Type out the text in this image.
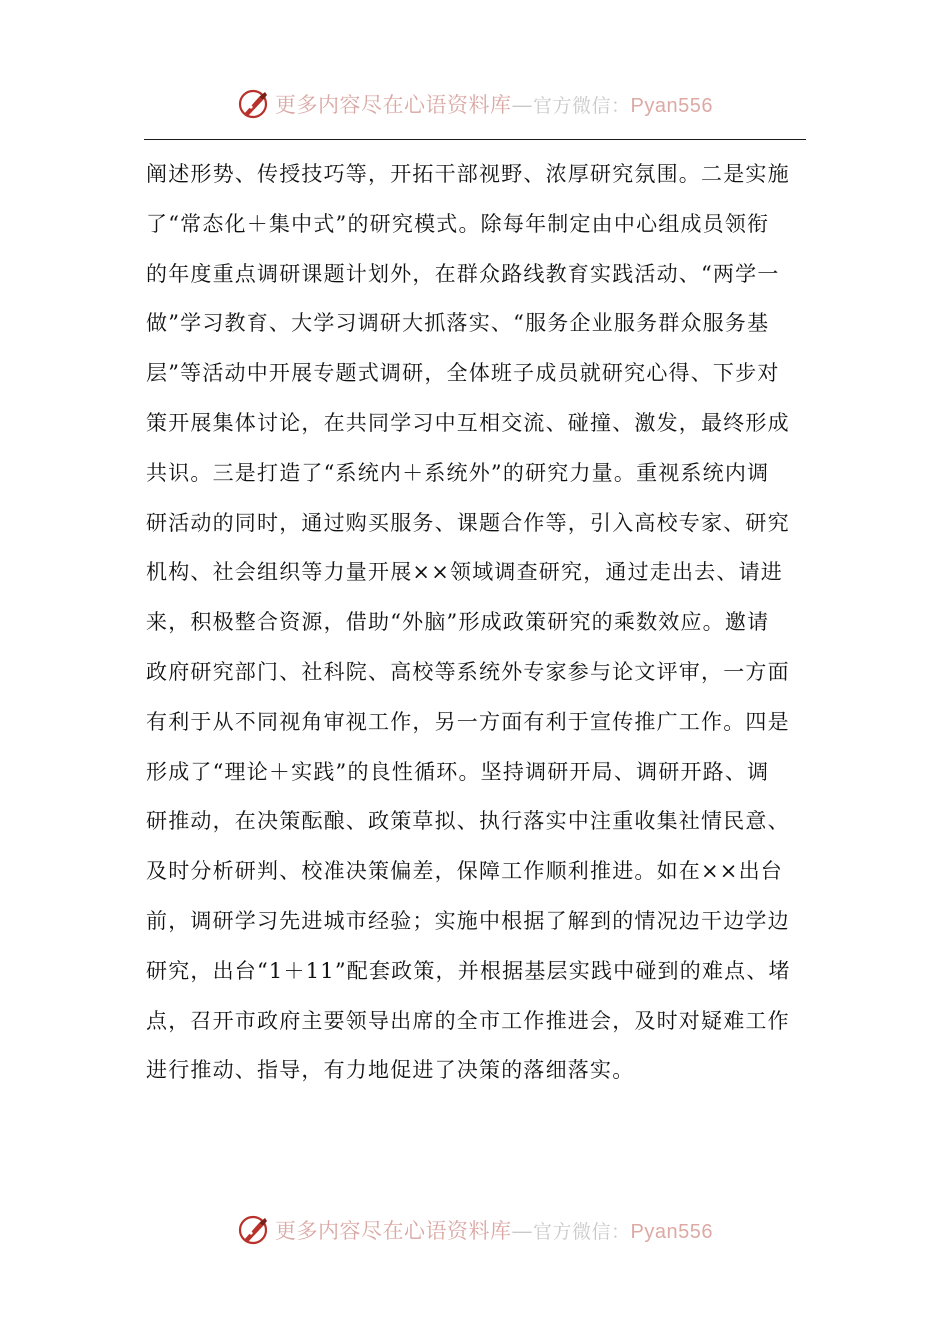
更多内容尽在心语资料库—官方微信：Pyan556
阐述形势、传授技巧等，开拓干部视野、浓厚研究氛围。二是实施
了“常态化＋集中式”的研究模式。除每年制定由中心组成员领衔
的年度重点调研课题计划外，在群众路线教育实践活动、“两学一
做”学习教育、大学习调研大抓落实、“服务企业服务群众服务基
层”等活动中开展专题式调研，全体班子成员就研究心得、下步对
策开展集体讨论，在共同学习中互相交流、碰撞、激发，最终形成
共识。三是打造了“系统内＋系统外”的研究力量。重视系统内调
研活动的同时，通过购买服务、课题合作等，引入高校专家、研究
机构、社会组织等力量开展××领域调查研究，通过走出去、请进
来，积极整合资源，借助“外脑”形成政策研究的乘数效应。邀请
政府研究部门、社科院、高校等系统外专家参与论文评审，一方面
有利于从不同视角审视工作，另一方面有利于宣传推广工作。四是
形成了“理论＋实践”的良性循环。坚持调研开局、调研开路、调
研推动，在决策酝酿、政策草拟、执行落实中注重收集社情民意、
及时分析研判、校准决策偏差，保障工作顺利推进。如在××出台
前，调研学习先进城市经验；实施中根据了解到的情况边干边学边
研究，出台“1＋11”配套政策，并根据基层实践中碰到的难点、堵
点，召开市政府主要领导出席的全市工作推进会，及时对疑难工作
进行推动、指导，有力地促进了决策的落细落实。
更多内容尽在心语资料库—官方微信：Pyan556
